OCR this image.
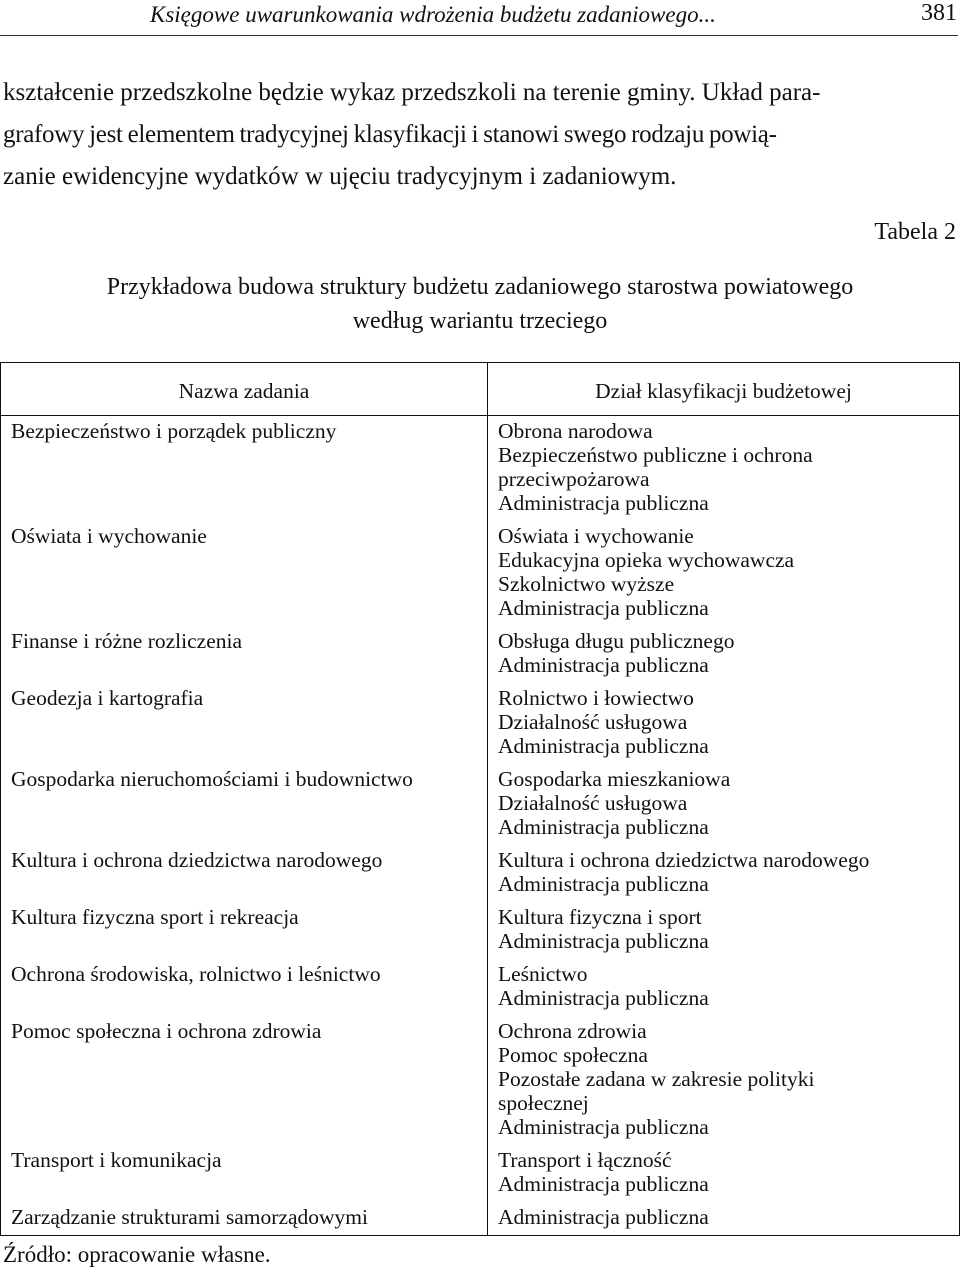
Księgowe uwarunkowania wdrożenia budżetu zadaniowego...	381

kształcenie przedszkolne będzie wykaz przedszkoli na terenie gminy. Układ para-
grafowy jest elementem tradycyjnej klasyfikacji i stanowi swego rodzaju powią-
zanie ewidencyjne wydatków w ujęciu tradycyjnym i zadaniowym.

Tabela 2
Przykładowa budowa struktury budżetu zadaniowego starostwa powiatowego
według wariantu trzeciego
Nazwa zadania	Dział klasyfikacji budżetowej
Bezpieczeństwo i porządek publiczny	Obrona narodowa
Bezpieczeństwo publiczne i ochrona
przeciwpożarowa
Administracja publiczna

Oświata i wychowanie	Oświata i wychowanie
Edukacyjna opieka wychowawcza
Szkolnictwo wyższe
Administracja publiczna

Finanse i różne rozliczenia	Obsługa długu publicznego
Administracja publiczna

Geodezja i kartografia	Rolnictwo i łowiectwo
Działalność usługowa
Administracja publiczna

Gospodarka nieruchomościami i budownictwo	Gospodarka mieszkaniowa
Działalność usługowa
Administracja publiczna

Kultura i ochrona dziedzictwa narodowego	Kultura i ochrona dziedzictwa narodowego
Administracja publiczna

Kultura fizyczna sport i rekreacja	Kultura fizyczna i sport
Administracja publiczna

Ochrona środowiska, rolnictwo i leśnictwo	Leśnictwo
Administracja publiczna

Pomoc społeczna i ochrona zdrowia	Ochrona zdrowia
Pomoc społeczna
Pozostałe zadana w zakresie polityki
społecznej
Administracja publiczna

Transport i komunikacja	Transport i łączność
Administracja publiczna

Zarządzanie strukturami samorządowymi	Administracja publiczna
Źródło: opracowanie własne.
